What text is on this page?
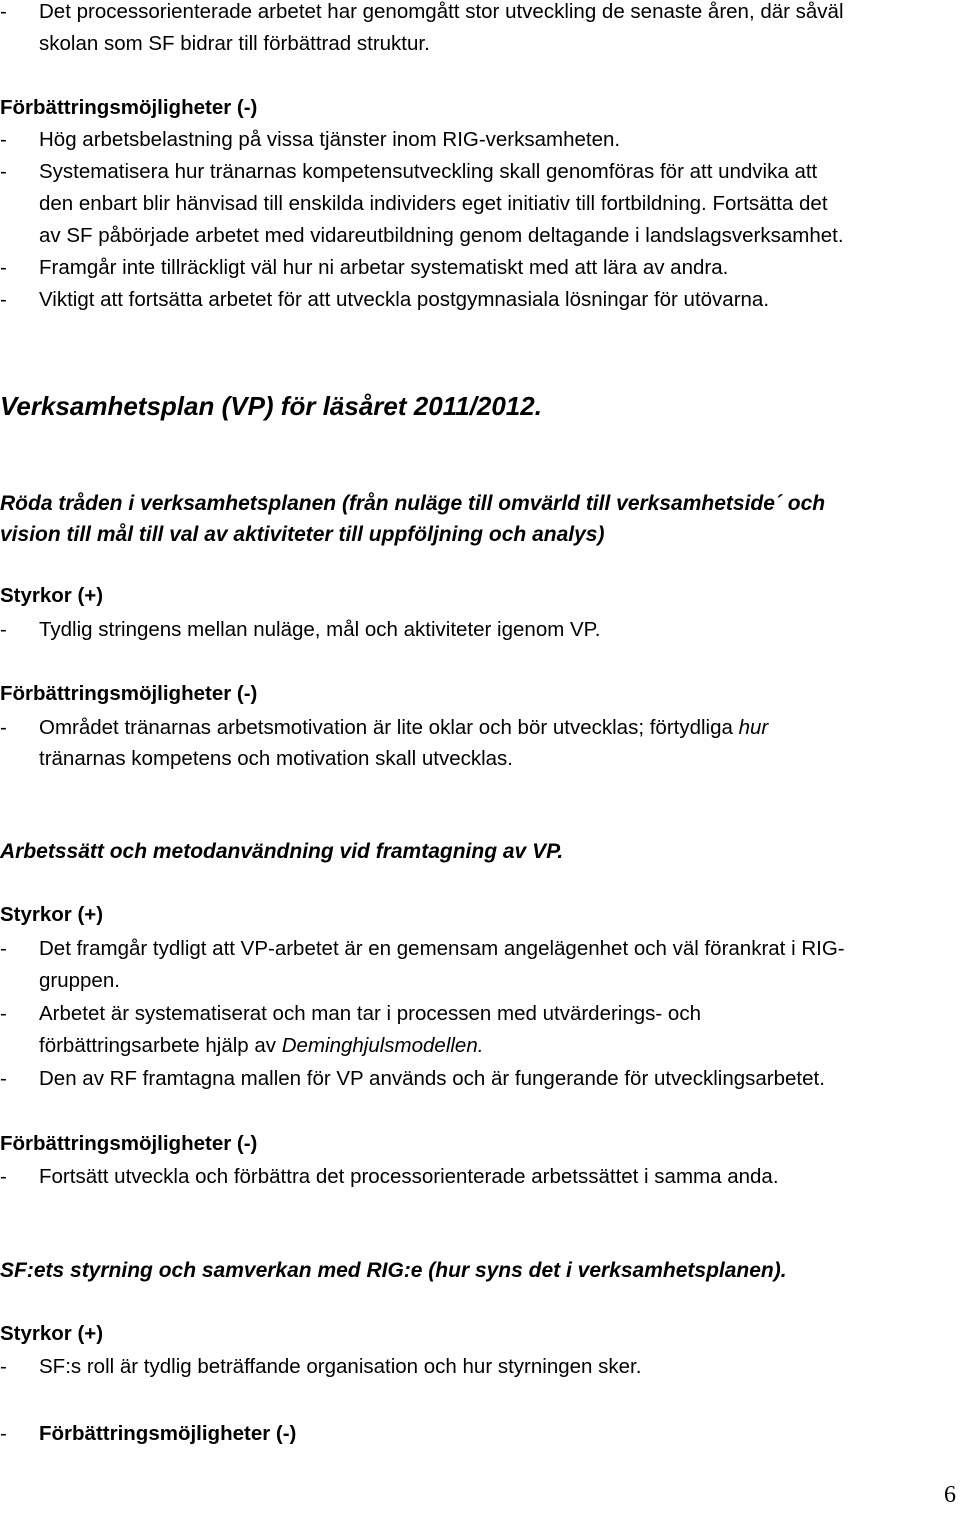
- Det processorienterade arbetet har genomgått stor utveckling de senaste åren, där såväl
skolan som SF bidrar till förbättrad struktur.
Förbättringsmöjligheter (-)
- Hög arbetsbelastning på vissa tjänster inom RIG-verksamheten.
- Systematisera hur tränarnas kompetensutveckling skall genomföras för att undvika att
den enbart blir hänvisad till enskilda individers eget initiativ till fortbildning. Fortsätta det
av SF påbörjade arbetet med vidareutbildning genom deltagande i landslagsverksamhet.
- Framgår inte tillräckligt väl hur ni arbetar systematiskt med att lära av andra.
- Viktigt att fortsätta arbetet för att utveckla postgymnasiala lösningar för utövarna.
Verksamhetsplan (VP) för läsåret 2011/2012.
Röda tråden i verksamhetsplanen (från nuläge till omvärld till verksamhetside´ och
vision till mål till val av aktiviteter till uppföljning och analys)
Styrkor (+)
- Tydlig stringens mellan nuläge, mål och aktiviteter igenom VP.
Förbättringsmöjligheter (-)
- Området tränarnas arbetsmotivation är lite oklar och bör utvecklas; förtydliga hur
tränarnas kompetens och motivation skall utvecklas.
Arbetssätt och metodanvändning vid framtagning av VP.
Styrkor (+)
- Det framgår tydligt att VP-arbetet är en gemensam angelägenhet och väl förankrat i RIG-
gruppen.
- Arbetet är systematiserat och man tar i processen med utvärderings- och
förbättringsarbete hjälp av Deminghjulsmodellen.
- Den av RF framtagna mallen för VP används och är fungerande för utvecklingsarbetet.
Förbättringsmöjligheter (-)
- Fortsätt utveckla och förbättra det processorienterade arbetssättet i samma anda.
SF:ets styrning och samverkan med RIG:e (hur syns det i verksamhetsplanen).
Styrkor (+)
- SF:s roll är tydlig beträffande organisation och hur styrningen sker.
- Förbättringsmöjligheter (-)
6
